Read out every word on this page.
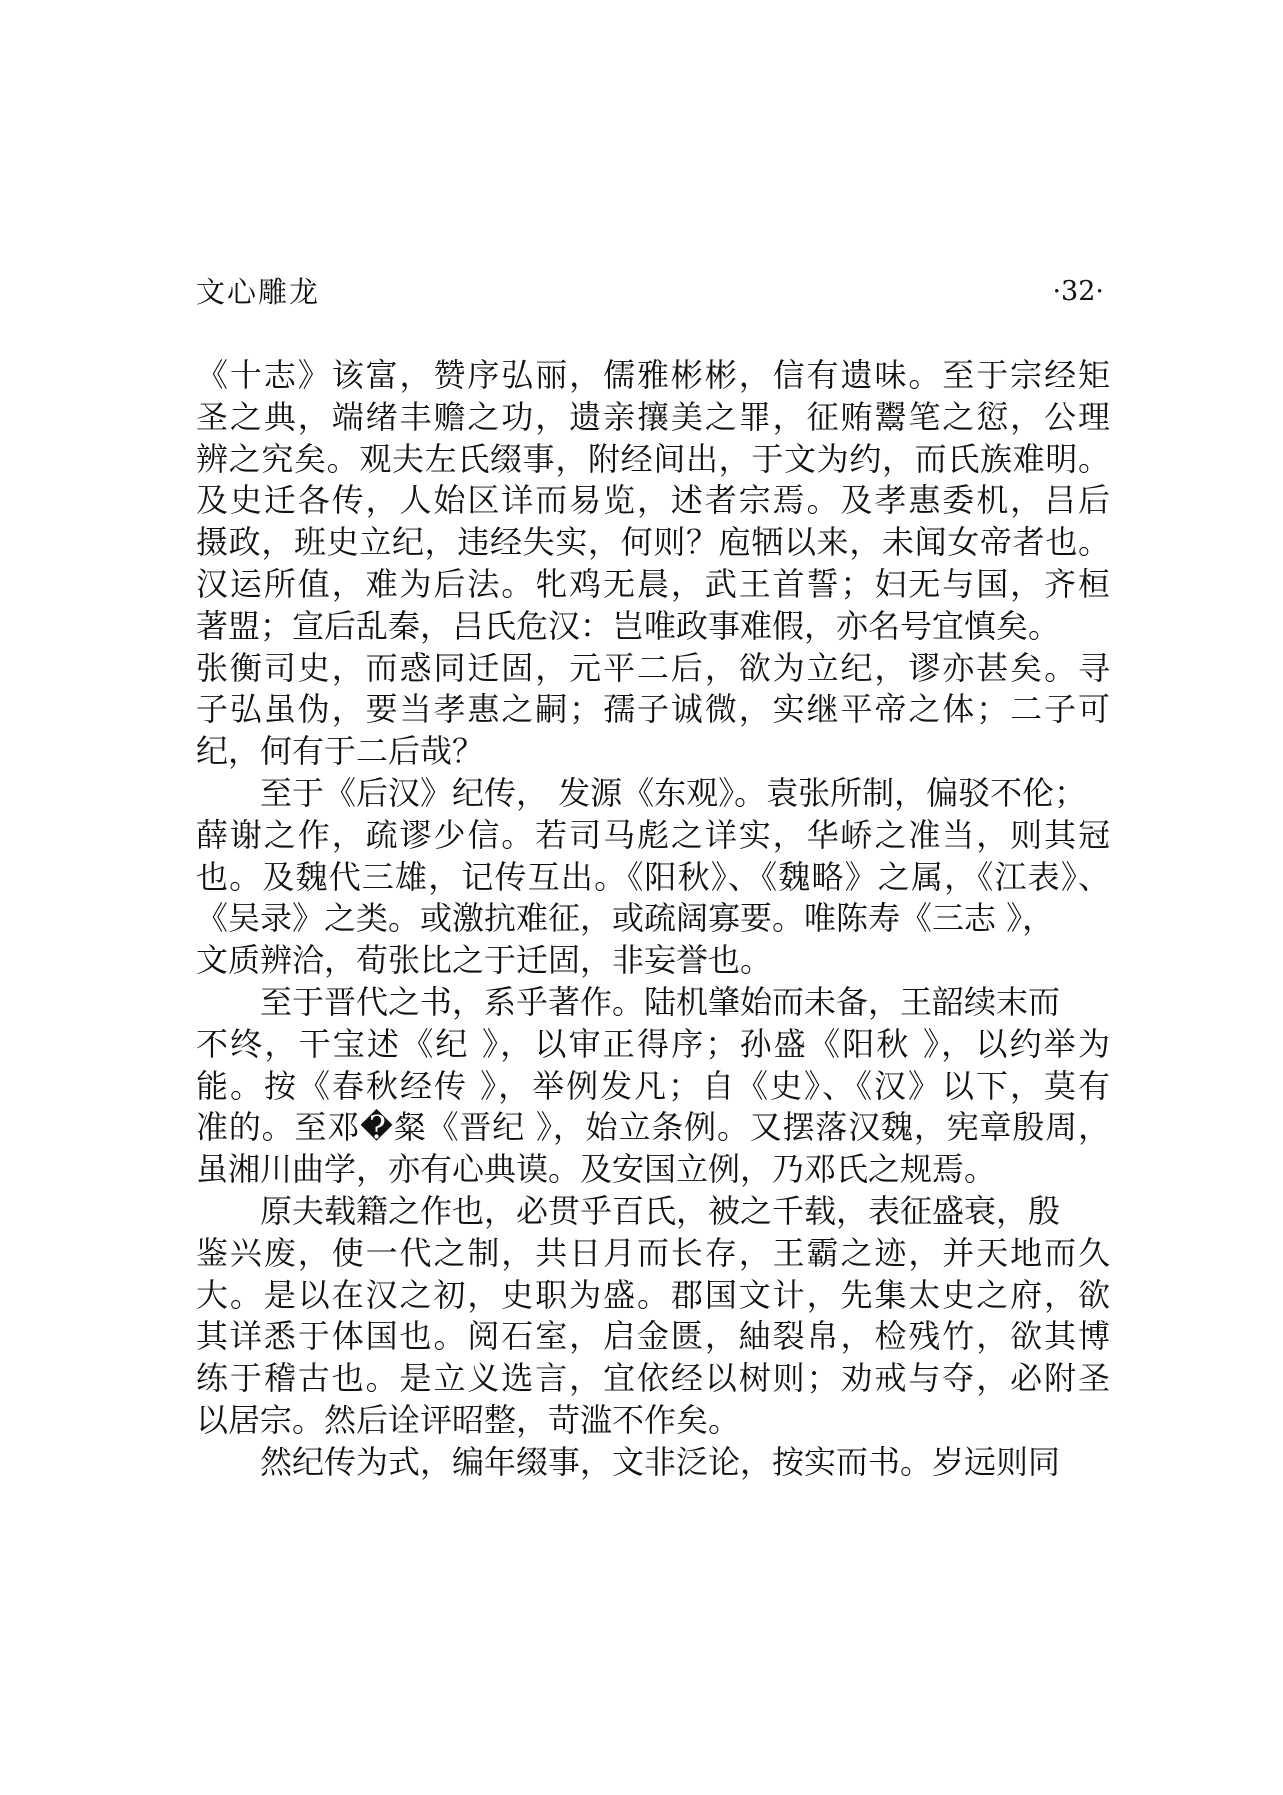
文心雕龙	·32·
《十志》该富，赞序弘丽，儒雅彬彬，信有遗味。至于宗经矩
圣之典，端绪丰赡之功，遗亲攘美之罪，征贿鬻笔之愆，公理
辨之究矣。观夫左氏缀事，附经间出，于文为约，而氏族难明。
及史迁各传，人始区详而易览，述者宗焉。及孝惠委机，吕后
摄政，班史立纪，违经失实，何则？庖牺以来，未闻女帝者也。
汉运所值，难为后法。牝鸡无晨，武王首誓；妇无与国，齐桓
著盟；宣后乱秦，吕氏危汉：岂唯政事难假，亦名号宜慎矣。
张衡司史，而惑同迁固，元平二后，欲为立纪，谬亦甚矣。寻
子弘虽伪，要当孝惠之嗣；孺子诚微，实继平帝之体；二子可
纪，何有于二后哉？
至于《后汉》纪传， 发源《东观》。袁张所制，偏驳不伦；
薛谢之作，疏谬少信。若司马彪之详实，华峤之准当，则其冠
也。及魏代三雄，记传互出。《阳秋》、《魏略》之属，《江表》、
《吴录》之类。或激抗难征，或疏阔寡要。唯陈寿《三志 》，
文质辨洽，荀张比之于迁固，非妄誉也。
至于晋代之书，系乎著作。陆机肇始而未备，王韶续末而
不终，干宝述《纪 》，以审正得序；孙盛《阳秋 》，以约举为
能。按《春秋经传 》，举例发凡；自《史》、《汉》以下，莫有
准的。至邓�粲《晋纪 》，始立条例。又摆落汉魏，宪章殷周，
虽湘川曲学，亦有心典谟。及安国立例，乃邓氏之规焉。
原夫载籍之作也，必贯乎百氏，被之千载，表征盛衰，殷
鉴兴废，使一代之制，共日月而长存，王霸之迹，并天地而久
大。是以在汉之初，史职为盛。郡国文计，先集太史之府，欲
其详悉于体国也。阅石室，启金匮，紬裂帛，检残竹，欲其博
练于稽古也。是立义选言，宜依经以树则；劝戒与夺，必附圣
以居宗。然后诠评昭整，苛滥不作矣。
然纪传为式，编年缀事，文非泛论，按实而书。岁远则同
